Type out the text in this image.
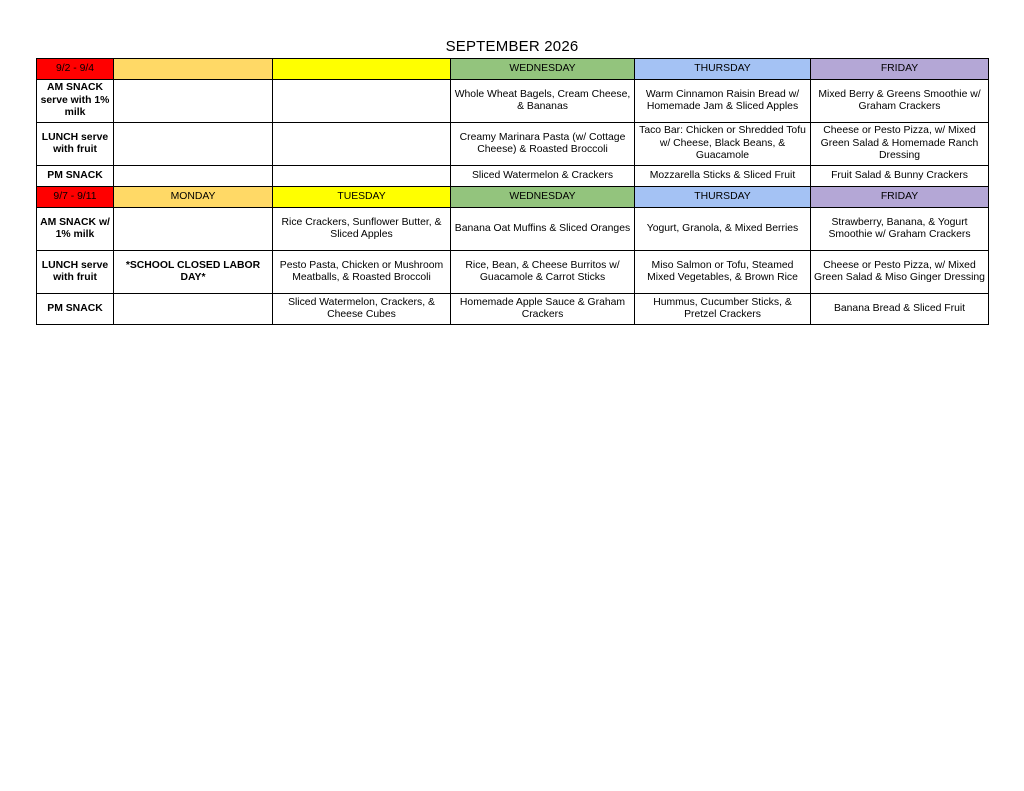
SEPTEMBER 2026
9/2 - 9/4			WEDNESDAY	THURSDAY	FRIDAY
AM SNACK serve with 1% milk			Whole Wheat Bagels, Cream Cheese, & Bananas	Warm Cinnamon Raisin Bread w/ Homemade Jam & Sliced Apples	Mixed Berry & Greens Smoothie w/ Graham Crackers
LUNCH serve with fruit			Creamy Marinara Pasta (w/ Cottage Cheese) & Roasted Broccoli	Taco Bar: Chicken or Shredded Tofu w/ Cheese, Black Beans, & Guacamole	Cheese or Pesto Pizza, w/ Mixed Green Salad & Homemade Ranch Dressing
PM SNACK			Sliced Watermelon & Crackers	Mozzarella Sticks & Sliced Fruit	Fruit Salad & Bunny Crackers
9/7 - 9/11	MONDAY	TUESDAY	WEDNESDAY	THURSDAY	FRIDAY
AM SNACK w/ 1% milk		Rice Crackers, Sunflower Butter, & Sliced Apples	Banana Oat Muffins & Sliced Oranges	Yogurt, Granola, & Mixed Berries	Strawberry, Banana, & Yogurt Smoothie w/ Graham Crackers
LUNCH serve with fruit	*SCHOOL CLOSED LABOR DAY*	Pesto Pasta, Chicken or Mushroom Meatballs, & Roasted Broccoli	Rice, Bean, & Cheese Burritos w/ Guacamole & Carrot Sticks	Miso Salmon or Tofu, Steamed Mixed Vegetables, & Brown Rice	Cheese or Pesto Pizza, w/ Mixed Green Salad & Miso Ginger Dressing
PM SNACK		Sliced Watermelon, Crackers, & Cheese Cubes	Homemade Apple Sauce & Graham Crackers	Hummus, Cucumber Sticks, & Pretzel Crackers	Banana Bread & Sliced Fruit
